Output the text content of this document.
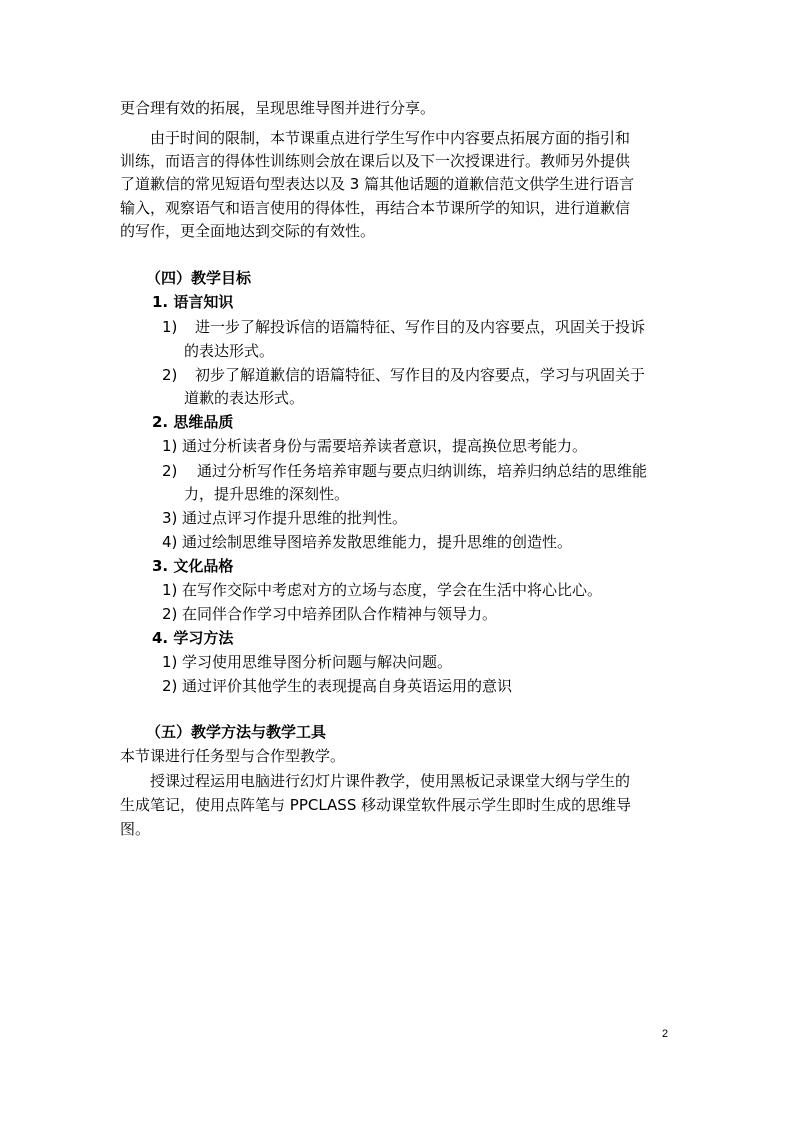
更合理有效的拓展，呈现思维导图并进行分享。
由于时间的限制，本节课重点进行学生写作中内容要点拓展方面的指引和
训练，而语言的得体性训练则会放在课后以及下一次授课进行。教师另外提供
了道歉信的常见短语句型表达以及 3 篇其他话题的道歉信范文供学生进行语言
输入，观察语气和语言使用的得体性，再结合本节课所学的知识，进行道歉信
的写作，更全面地达到交际的有效性。
（四）教学目标
1. 语言知识
1) 进一步了解投诉信的语篇特征、写作目的及内容要点，巩固关于投诉
的表达形式。
2) 初步了解道歉信的语篇特征、写作目的及内容要点，学习与巩固关于
道歉的表达形式。
2. 思维品质
1) 通过分析读者身份与需要培养读者意识，提高换位思考能力。
2) 通过分析写作任务培养审题与要点归纳训练，培养归纳总结的思维能
力，提升思维的深刻性。
3) 通过点评习作提升思维的批判性。
4) 通过绘制思维导图培养发散思维能力，提升思维的创造性。
3. 文化品格
1) 在写作交际中考虑对方的立场与态度，学会在生活中将心比心。
2) 在同伴合作学习中培养团队合作精神与领导力。
4. 学习方法
1) 学习使用思维导图分析问题与解决问题。
2) 通过评价其他学生的表现提高自身英语运用的意识
（五）教学方法与教学工具
本节课进行任务型与合作型教学。
授课过程运用电脑进行幻灯片课件教学，使用黑板记录课堂大纲与学生的
生成笔记，使用点阵笔与 PPCLASS 移动课堂软件展示学生即时生成的思维导
图。
2
